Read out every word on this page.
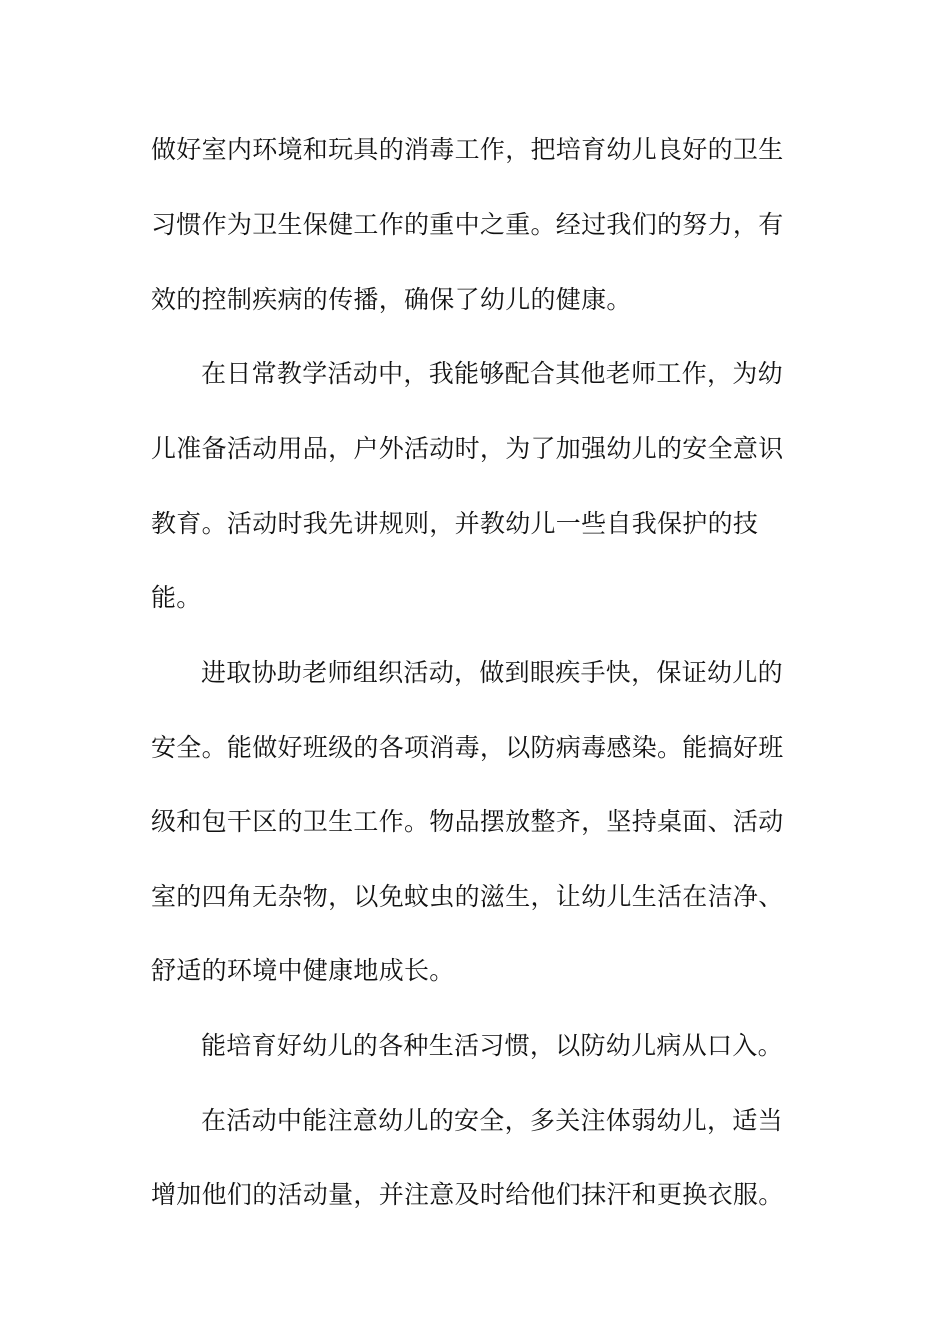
做好室内环境和玩具的消毒工作，把培育幼儿良好的卫生

习惯作为卫生保健工作的重中之重。经过我们的努力，有

效的控制疾病的传播，确保了幼儿的健康。

在日常教学活动中，我能够配合其他老师工作，为幼

儿准备活动用品，户外活动时，为了加强幼儿的安全意识

教育。活动时我先讲规则，并教幼儿一些自我保护的技

能。

进取协助老师组织活动，做到眼疾手快，保证幼儿的

安全。能做好班级的各项消毒，以防病毒感染。能搞好班

级和包干区的卫生工作。物品摆放整齐，坚持桌面、活动

室的四角无杂物，以免蚊虫的滋生，让幼儿生活在洁净、

舒适的环境中健康地成长。

能培育好幼儿的各种生活习惯，以防幼儿病从口入。

在活动中能注意幼儿的安全，多关注体弱幼儿，适当

增加他们的活动量，并注意及时给他们抹汗和更换衣服。
